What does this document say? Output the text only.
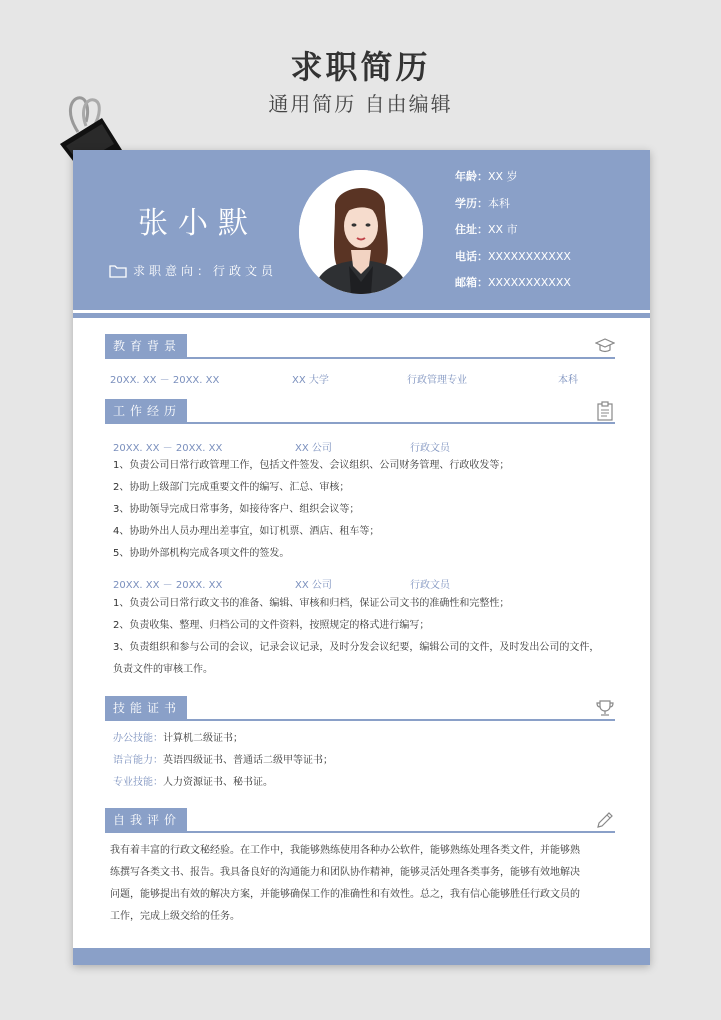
求职简历
通用简历 自由编辑
张小默
求职意向：行政文员
年龄：XX 岁
学历：本科
住址：XX 市
电话：XXXXXXXXXXX
邮箱：XXXXXXXXXXX
教育背景
20XX. XX － 20XX. XX	XX 大学	行政管理专业	本科
工作经历
20XX. XX － 20XX. XX	XX 公司	行政文员
1、负责公司日常行政管理工作，包括文件签发、会议组织、公司财务管理、行政收发等；
2、协助上级部门完成重要文件的编写、汇总、审核；
3、协助领导完成日常事务，如接待客户、组织会议等；
4、协助外出人员办理出差事宜，如订机票、酒店、租车等；
5、协助外部机构完成各项文件的签发。
20XX. XX － 20XX. XX	XX 公司	行政文员
1、负责公司日常行政文书的准备、编辑、审核和归档，保证公司文书的准确性和完整性；
2、负责收集、整理、归档公司的文件资料，按照规定的格式进行编写；
3、负责组织和参与公司的会议，记录会议记录，及时分发会议纪要，编辑公司的文件，及时发出公司的文件，
负责文件的审核工作。
技能证书
办公技能：计算机二级证书；
语言能力：英语四级证书、普通话二级甲等证书；
专业技能：人力资源证书、秘书证。
自我评价
我有着丰富的行政文秘经验。在工作中，我能够熟练使用各种办公软件，能够熟练处理各类文件，并能够熟
练撰写各类文书、报告。我具备良好的沟通能力和团队协作精神，能够灵活处理各类事务，能够有效地解决
问题，能够提出有效的解决方案，并能够确保工作的准确性和有效性。总之，我有信心能够胜任行政文员的
工作，完成上级交给的任务。
